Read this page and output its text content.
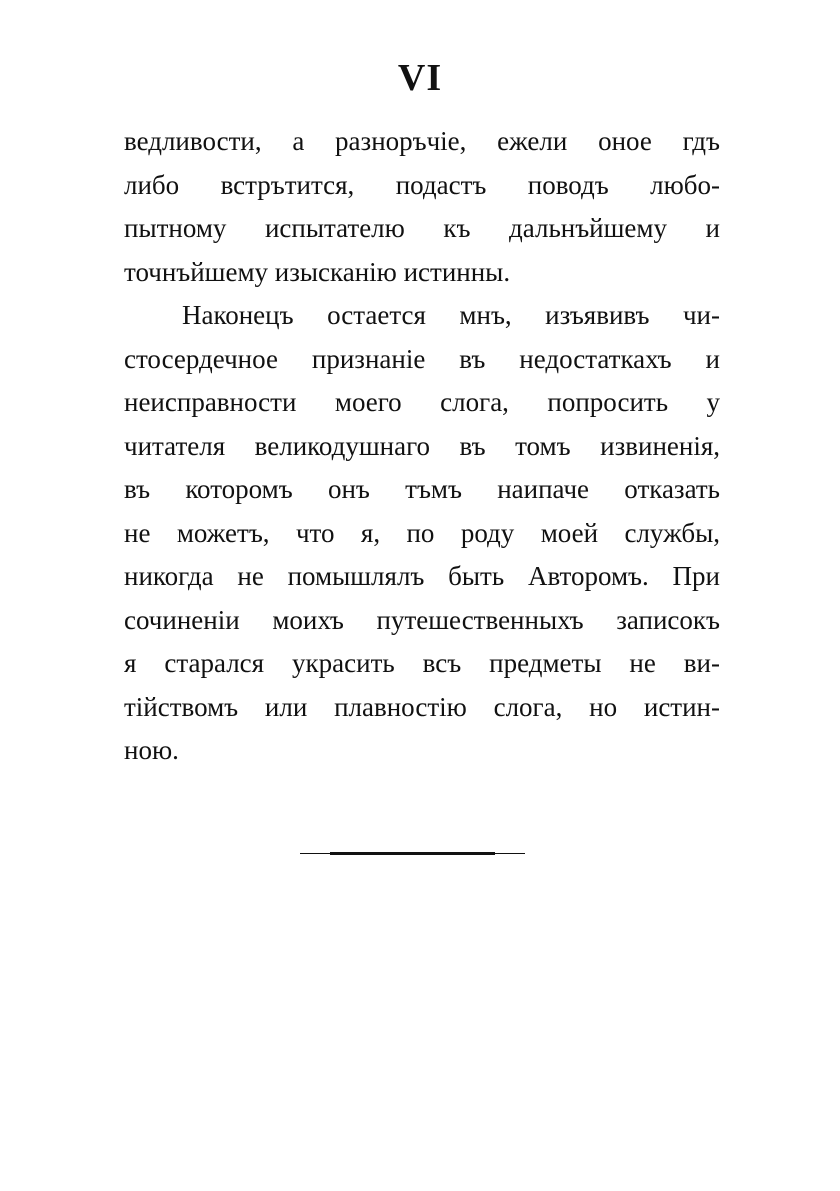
VI
ведливости, а разноръчіе, ежели оное гдъ
либо встрътится, подастъ поводъ любо-
пытному испытателю къ дальнъйшему и
точнъйшему изысканію истинны.
Наконецъ остается мнъ, изъявивъ чи-
стосердечное признаніе въ недостаткахъ и
неисправности моего слога, попросить у
читателя великодушнаго въ томъ извиненія,
въ которомъ онъ тъмъ наипаче отказать
не можетъ, что я, по роду моей службы,
никогда не помышлялъ быть Авторомъ. При
сочиненіи моихъ путешественныхъ записокъ
я старался украсить всъ предметы не ви-
тійствомъ или плавностію слога, но истин-
ною.
